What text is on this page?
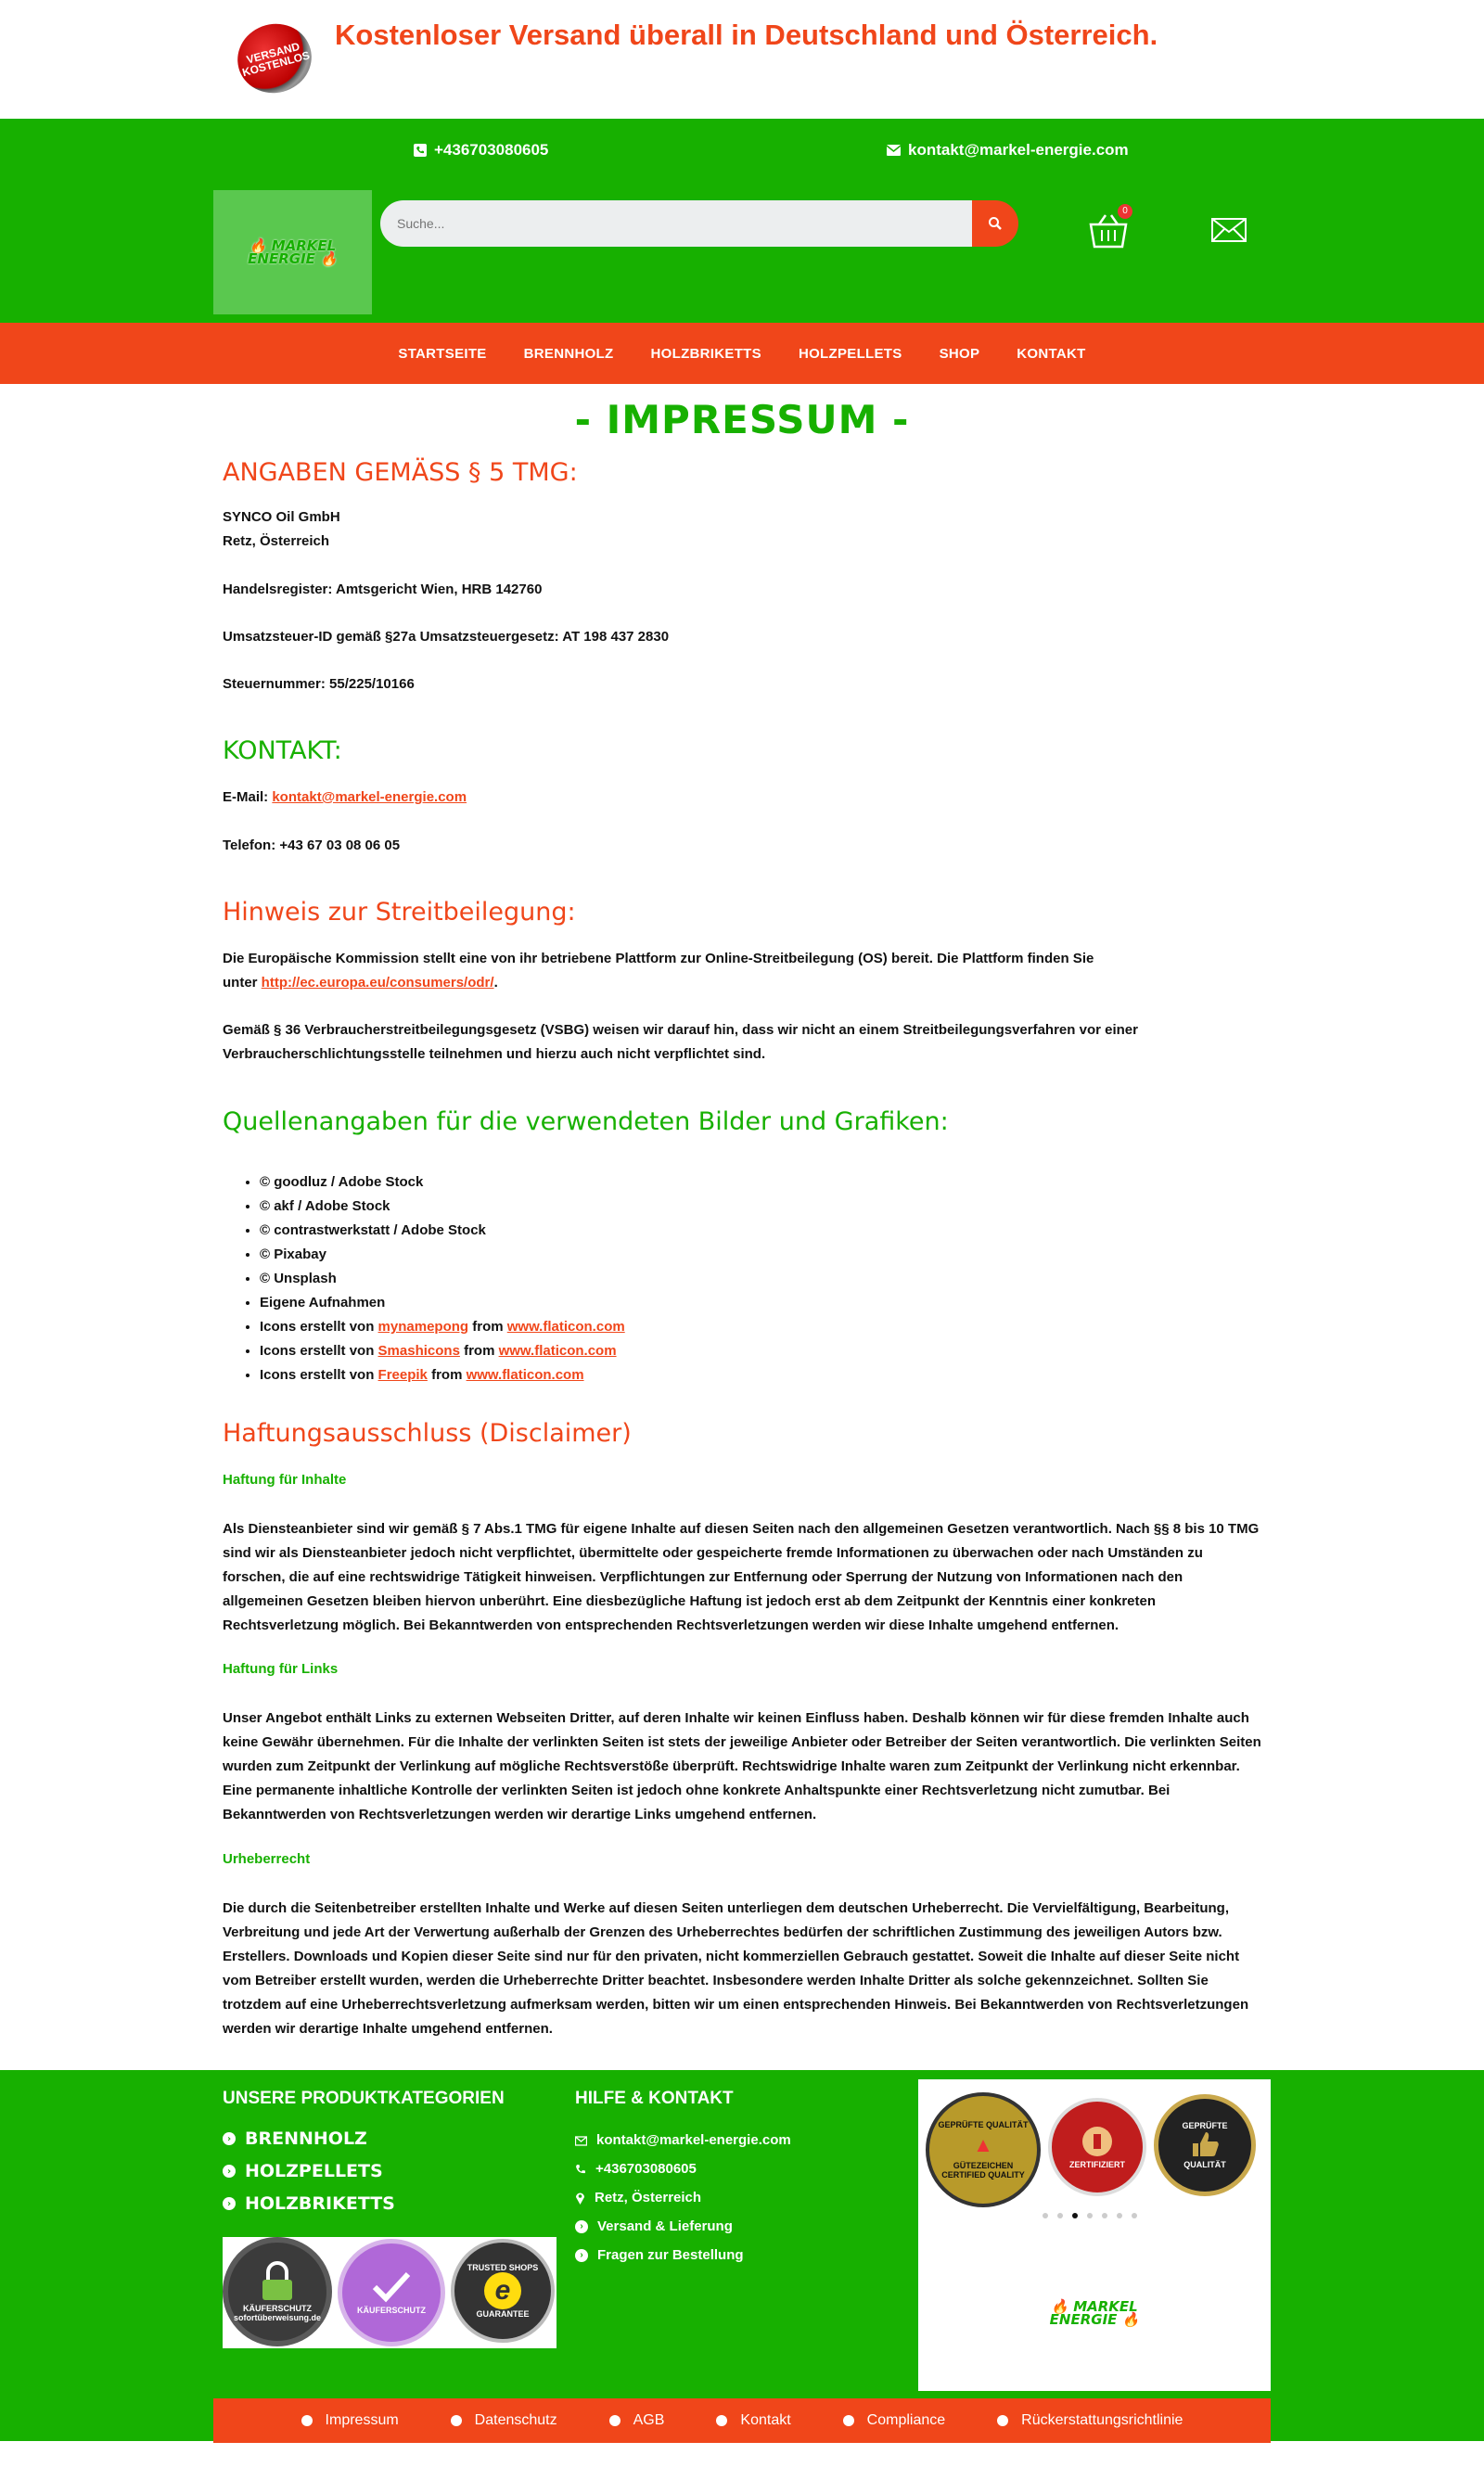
VERSAND KOSTENLOS
Kostenloser Versand überall in Deutschland und Österreich.
+436703080605	kontakt@markel-energie.com
🔥 MARKEL
ENERGIE 🔥
Suche...
0
STARTSEITE	BRENNHOLZ	HOLZBRIKETTS	HOLZPELLETS	SHOP	KONTAKT
- IMPRESSUM -
ANGABEN GEMÄSS § 5 TMG:
SYNCO Oil GmbH
Retz, Österreich
Handelsregister: Amtsgericht Wien, HRB 142760
Umsatzsteuer-ID gemäß §27a Umsatzsteuergesetz: AT 198 437 2830
Steuernummer: 55/225/10166
KONTAKT:
E-Mail: kontakt@markel-energie.com
Telefon: +43 67 03 08 06 05
Hinweis zur Streitbeilegung:
Die Europäische Kommission stellt eine von ihr betriebene Plattform zur Online-Streitbeilegung (OS) bereit. Die Plattform finden Sie
unter http://ec.europa.eu/consumers/odr/.
Gemäß § 36 Verbraucherstreitbeilegungsgesetz (VSBG) weisen wir darauf hin, dass wir nicht an einem Streitbeilegungsverfahren vor einer Verbraucherschlichtungsstelle teilnehmen und hierzu auch nicht verpflichtet sind.
Quellenangaben für die verwendeten Bilder und Grafiken:
• © goodluz / Adobe Stock
• © akf / Adobe Stock
• © contrastwerkstatt / Adobe Stock
• © Pixabay
• © Unsplash
• Eigene Aufnahmen
• Icons erstellt von mynamepong from www.flaticon.com
• Icons erstellt von Smashicons from www.flaticon.com
• Icons erstellt von Freepik from www.flaticon.com
Haftungsausschluss (Disclaimer)
Haftung für Inhalte
Als Diensteanbieter sind wir gemäß § 7 Abs.1 TMG für eigene Inhalte auf diesen Seiten nach den allgemeinen Gesetzen verantwortlich. Nach §§ 8 bis 10 TMG sind wir als Diensteanbieter jedoch nicht verpflichtet, übermittelte oder gespeicherte fremde Informationen zu überwachen oder nach Umständen zu forschen, die auf eine rechtswidrige Tätigkeit hinweisen. Verpflichtungen zur Entfernung oder Sperrung der Nutzung von Informationen nach den allgemeinen Gesetzen bleiben hiervon unberührt. Eine diesbezügliche Haftung ist jedoch erst ab dem Zeitpunkt der Kenntnis einer konkreten Rechtsverletzung möglich. Bei Bekanntwerden von entsprechenden Rechtsverletzungen werden wir diese Inhalte umgehend entfernen.
Haftung für Links
Unser Angebot enthält Links zu externen Webseiten Dritter, auf deren Inhalte wir keinen Einfluss haben. Deshalb können wir für diese fremden Inhalte auch keine Gewähr übernehmen. Für die Inhalte der verlinkten Seiten ist stets der jeweilige Anbieter oder Betreiber der Seiten verantwortlich. Die verlinkten Seiten wurden zum Zeitpunkt der Verlinkung auf mögliche Rechtsverstöße überprüft. Rechtswidrige Inhalte waren zum Zeitpunkt der Verlinkung nicht erkennbar. Eine permanente inhaltliche Kontrolle der verlinkten Seiten ist jedoch ohne konkrete Anhaltspunkte einer Rechtsverletzung nicht zumutbar. Bei Bekanntwerden von Rechtsverletzungen werden wir derartige Links umgehend entfernen.
Urheberrecht
Die durch die Seitenbetreiber erstellten Inhalte und Werke auf diesen Seiten unterliegen dem deutschen Urheberrecht. Die Vervielfältigung, Bearbeitung, Verbreitung und jede Art der Verwertung außerhalb der Grenzen des Urheberrechtes bedürfen der schriftlichen Zustimmung des jeweiligen Autors bzw. Erstellers. Downloads und Kopien dieser Seite sind nur für den privaten, nicht kommerziellen Gebrauch gestattet. Soweit die Inhalte auf dieser Seite nicht vom Betreiber erstellt wurden, werden die Urheberrechte Dritter beachtet. Insbesondere werden Inhalte Dritter als solche gekennzeichnet. Sollten Sie trotzdem auf eine Urheberrechtsverletzung aufmerksam werden, bitten wir um einen entsprechenden Hinweis. Bei Bekanntwerden von Rechtsverletzungen werden wir derartige Inhalte umgehend entfernen.
UNSERE PRODUKTKATEGORIEN
› BRENNHOLZ
› HOLZPELLETS
› HOLZBRIKETTS

KÄUFERSCHUTZ
sofortüberweisung.de

KÄUFERSCHUTZ
TRUSTED SHOPS
e
GUARANTEE
HILFE & KONTAKT
kontakt@markel-energie.com
+436703080605
Retz, Österreich
›	Versand & Lieferung
›	Fragen zur Bestellung
GEPRÜFTE QUALITÄT
▲
GÜTEZEICHEN
CERTIFIED QUALITY

ZERTIFIZIERT
GEPRÜFTE

QUALITÄT
🔥 MARKEL
ENERGIE 🔥
Impressum	Datenschutz	AGB	Kontakt	Compliance	Rückerstattungsrichtlinie
© 2023 - MARKEL-ENERGIE
